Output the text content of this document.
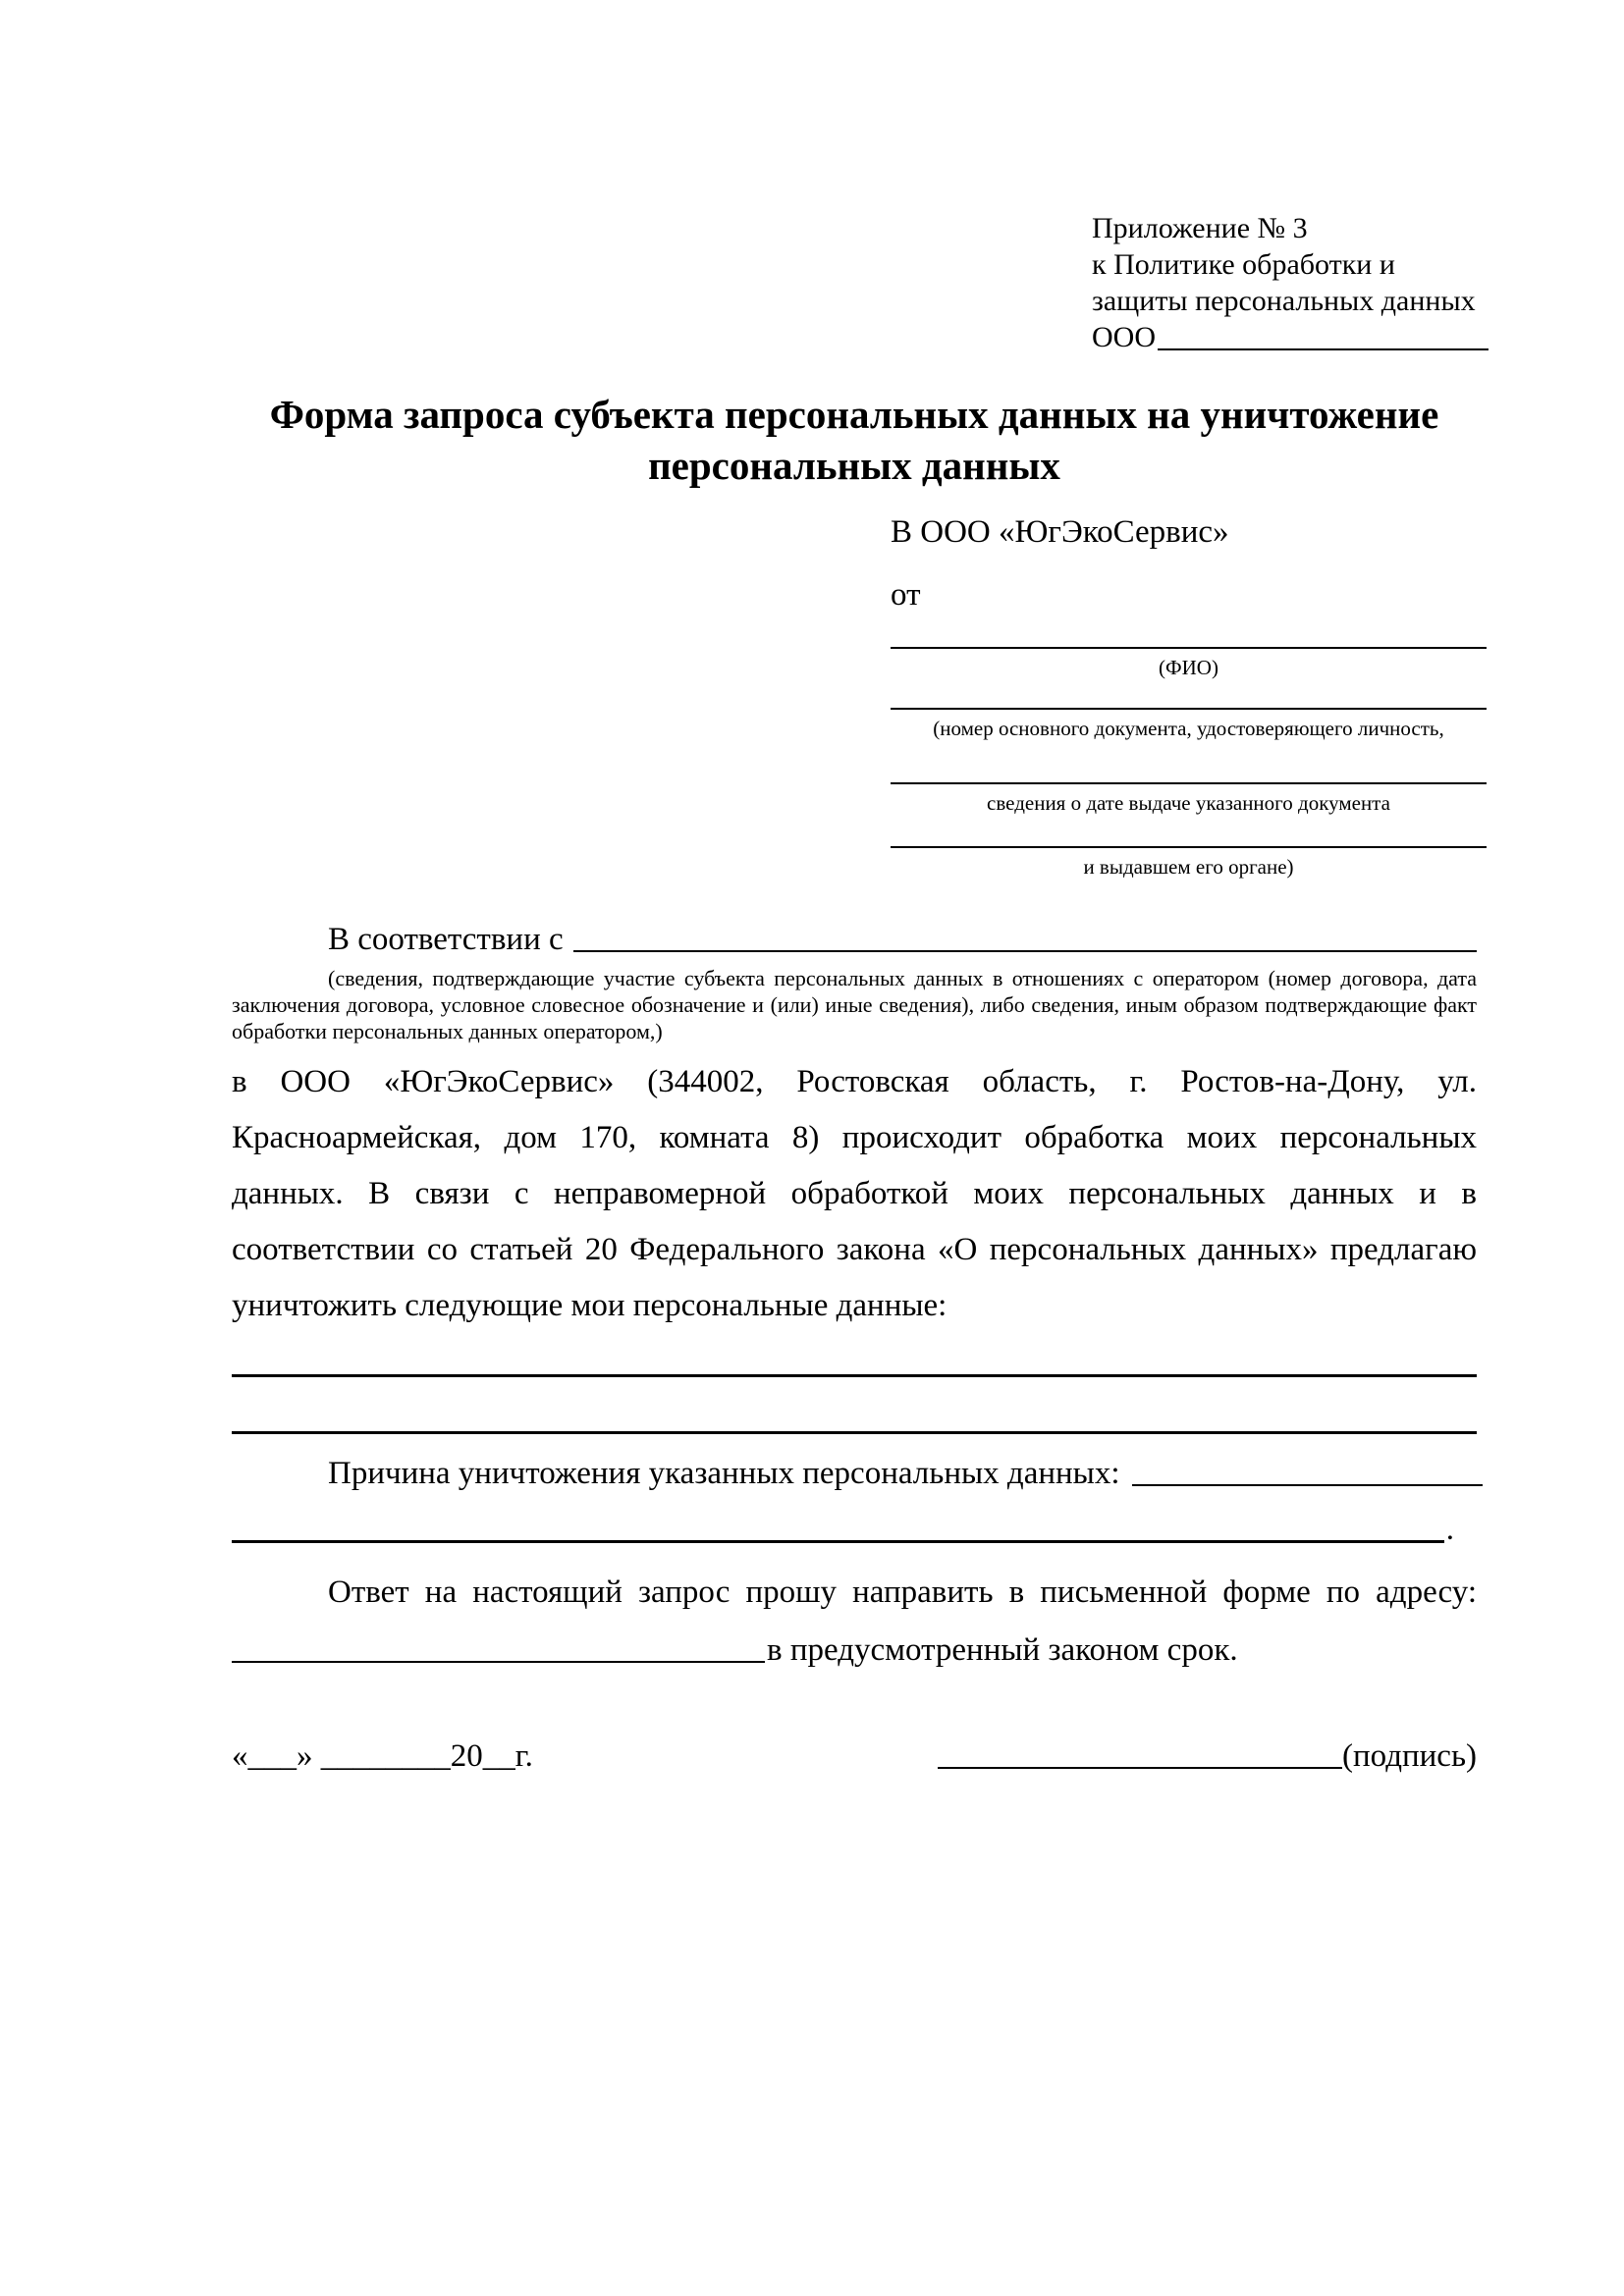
Приложение № 3
к Политике обработки и
защиты персональных данных
ООО
Форма запроса субъекта персональных данных на уничтожение персональных данных
В ООО «ЮгЭкоСервис»
от
(ФИО)
(номер основного документа, удостоверяющего личность,
сведения о дате выдаче указанного документа
и выдавшем его органе)
В соответствии с
(сведения, подтверждающие участие субъекта персональных данных в отношениях с оператором (номер договора, дата заключения договора, условное словесное обозначение и (или) иные сведения), либо сведения, иным образом подтверждающие факт обработки персональных данных оператором,)
в ООО «ЮгЭкоСервис» (344002, Ростовская область, г. Ростов-на-Дону, ул. Красноармейская, дом 170, комната 8) происходит обработка моих персональных данных. В связи с неправомерной обработкой моих персональных данных и в соответствии со статьей 20 Федерального закона «О персональных данных» предлагаю уничтожить следующие мои персональные данные:
Причина уничтожения указанных персональных данных:
.
Ответ на настоящий запрос прошу направить в письменной форме по адресу:
в предусмотренный законом срок.
«___» ________20__г.	(подпись)
